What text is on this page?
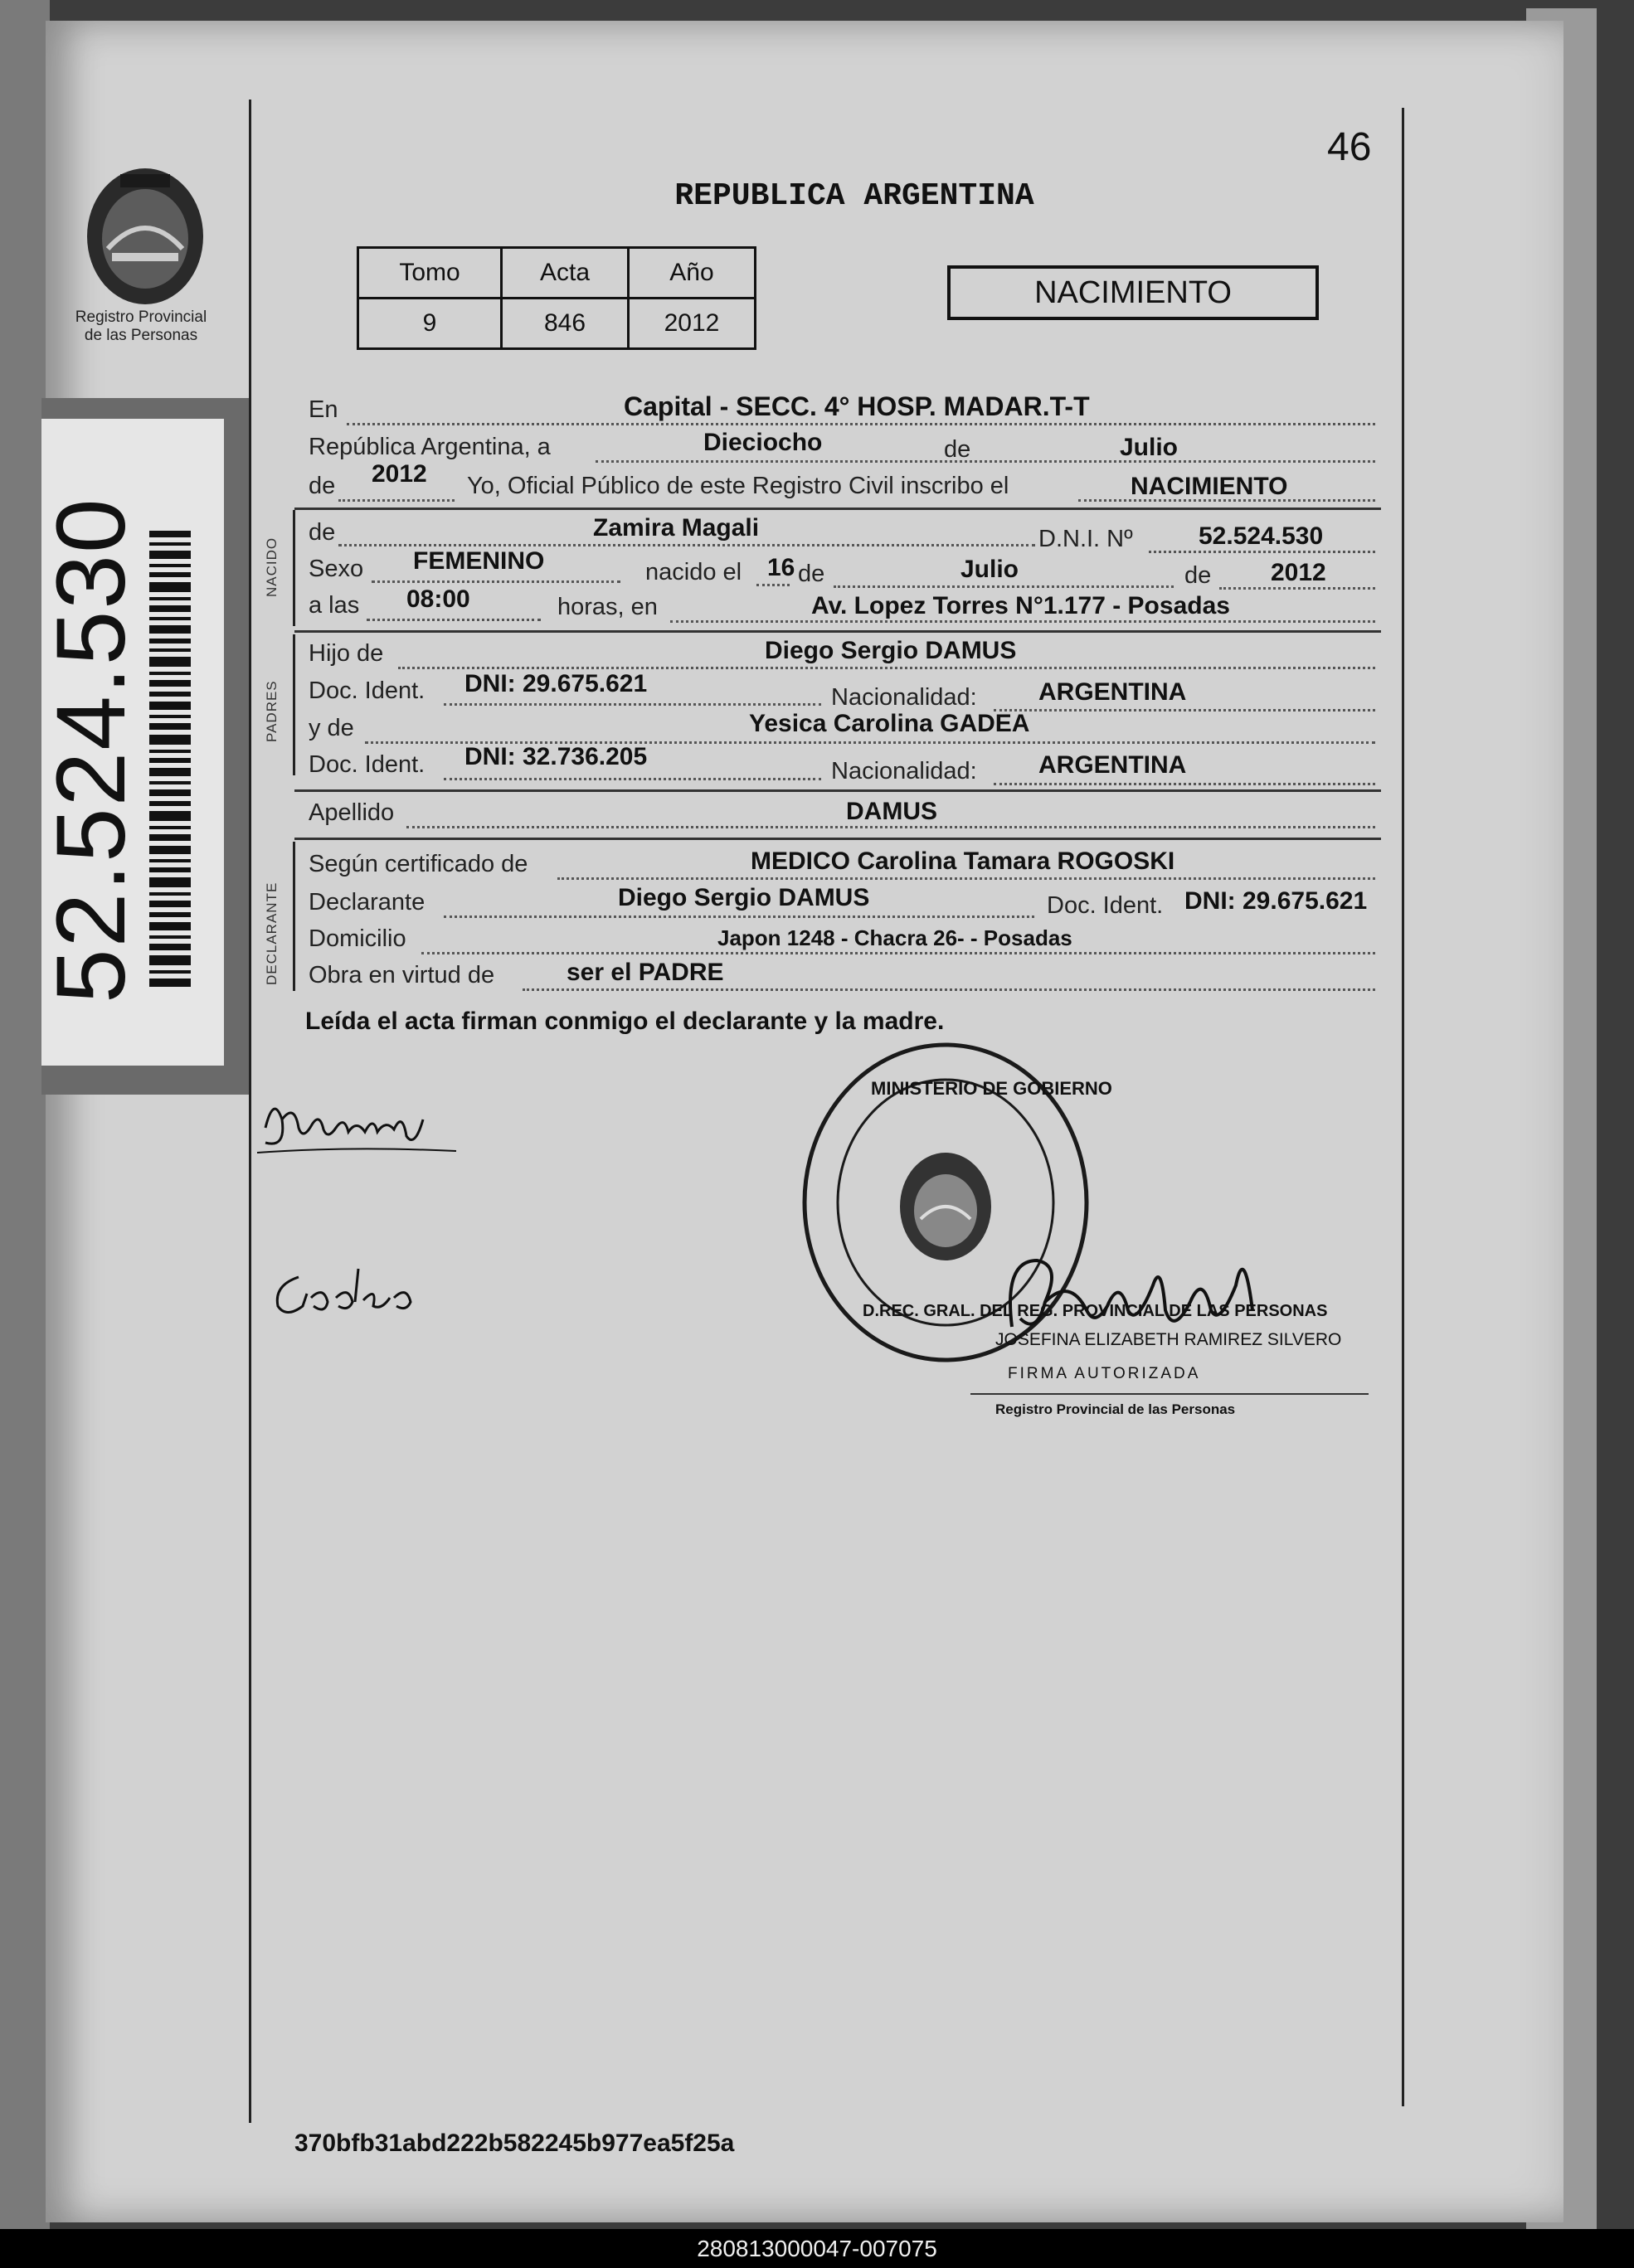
Registro Provincial
de las Personas
52.524.530
46
REPUBLICA ARGENTINA
Tomo	Acta	Año
9	846	2012
NACIMIENTO
En	Capital - SECC. 4° HOSP. MADAR.T-T
República Argentina, a	Dieciocho	de	Julio
de 2012 Yo, Oficial Público de este Registro Civil inscribo el	NACIMIENTO
NACIDO
de	Zamira Magali	D.N.I. Nº	52.524.530
Sexo FEMENINO	nacido el 16 de	Julio	de 2012
a las 08:00	horas, en	Av. Lopez Torres N°1.177 - Posadas
PADRES
Hijo de	Diego Sergio DAMUS
Doc. Ident. DNI: 29.675.621	Nacionalidad: ARGENTINA
y de	Yesica Carolina GADEA
Doc. Ident. DNI: 32.736.205
Nacionalidad: ARGENTINA
Apellido	DAMUS
DECLARANTE
Según certificado de	MEDICO Carolina Tamara ROGOSKI
Declarante	Diego Sergio DAMUS	Doc. Ident. DNI: 29.675.621
Domicilio	Japon 1248 - Chacra 26- - Posadas
Obra en virtud de	ser el PADRE
Leída el acta firman conmigo el declarante y la madre.
D.REC. GRAL. DEL REG. PROVINCIAL DE LAS PERSONAS
MINISTERIO DE GOBIERNO
JOSEFINA ELIZABETH RAMIREZ SILVERO
FIRMA AUTORIZADA
Registro Provincial de las Personas
370bfb31abd222b582245b977ea5f25a
280813000047-007075
